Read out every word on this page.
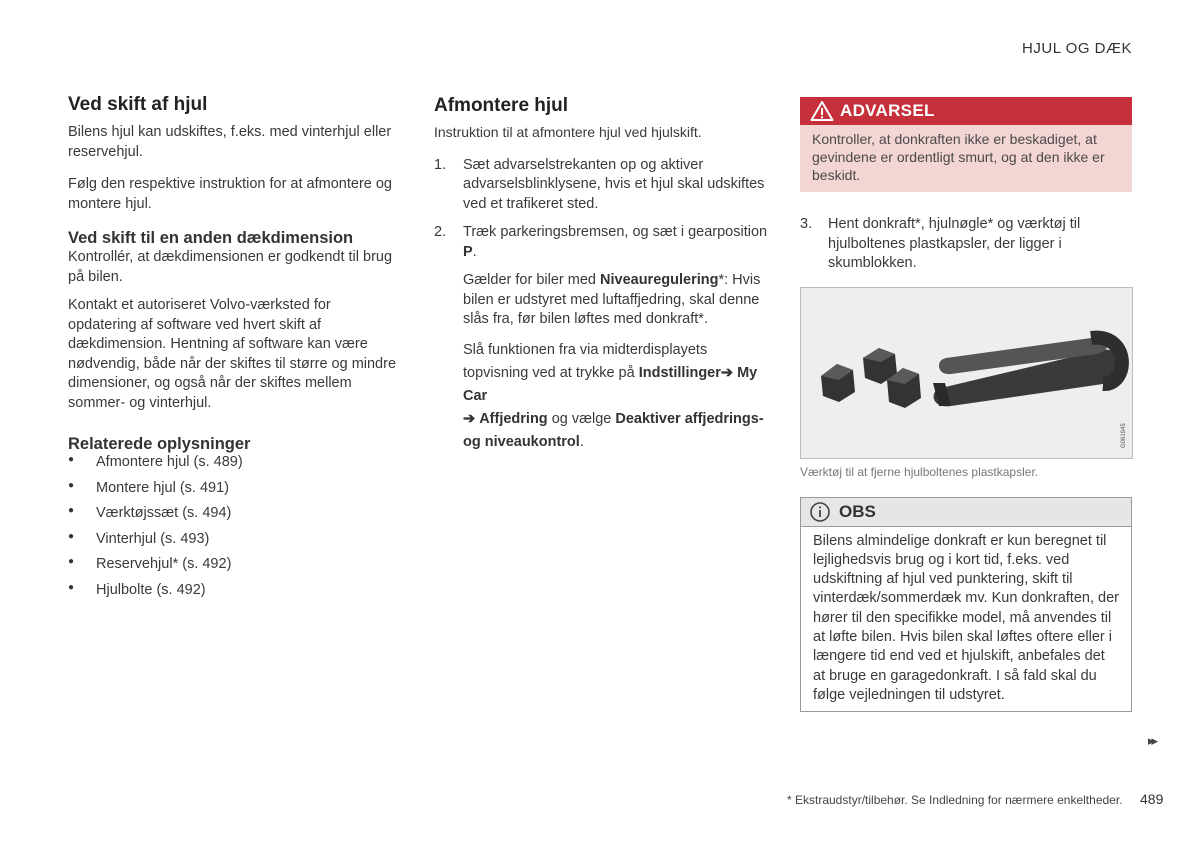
HJUL OG DÆK
Ved skift af hjul
Bilens hjul kan udskiftes, f.eks. med vinterhjul eller reservehjul.
Følg den respektive instruktion for at afmontere og montere hjul.
Ved skift til en anden dækdimension
Kontrollér, at dækdimensionen er godkendt til brug på bilen.
Kontakt et autoriseret Volvo-værksted for opdatering af software ved hvert skift af dækdimension. Hentning af software kan være nødvendig, både når der skiftes til større og mindre dimensioner, og også når der skiftes mellem sommer- og vinterhjul.
Relaterede oplysninger
● Afmontere hjul (s. 489)
● Montere hjul (s. 491)
● Værktøjssæt (s. 494)
● Vinterhjul (s. 493)
● Reservehjul* (s. 492)
● Hjulbolte (s. 492)
Afmontere hjul
Instruktion til at afmontere hjul ved hjulskift.
1. Sæt advarselstrekanten op og aktiver advarselsblinklysene, hvis et hjul skal udskiftes ved et trafikeret sted.
2. Træk parkeringsbremsen, og sæt i gearposition P.
Gælder for biler med Niveauregulering*: Hvis bilen er udstyret med luftaffjedring, skal denne slås fra, før bilen løftes med donkraft*.
Slå funktionen fra via midterdisplayets topvisning ved at trykke på Indstillinger➔ My Car
➔ Affjedring og vælge Deaktiver affjedrings- og niveaukontrol.
ADVARSEL
Kontroller, at donkraften ikke er beskadiget, at gevindene er ordentligt smurt, og at den ikke er beskidt.
3. Hent donkraft*, hjulnøgle* og værktøj til hjulboltenes plastkapsler, der ligger i skumblokken.
G061945
Værktøj til at fjerne hjulboltenes plastkapsler.
OBS
Bilens almindelige donkraft er kun beregnet til lejlighedsvis brug og i kort tid, f.eks. ved udskiftning af hjul ved punktering, skift til vinterdæk/sommerdæk mv. Kun donkraften, der hører til den specifikke model, må anvendes til at løfte bilen. Hvis bilen skal løftes oftere eller i længere tid end ved et hjulskift, anbefales det at bruge en garagedonkraft. I så fald skal du følge vejledningen til udstyret.
▸▸
* Ekstraudstyr/tilbehør. Se Indledning for nærmere enkeltheder. 489
